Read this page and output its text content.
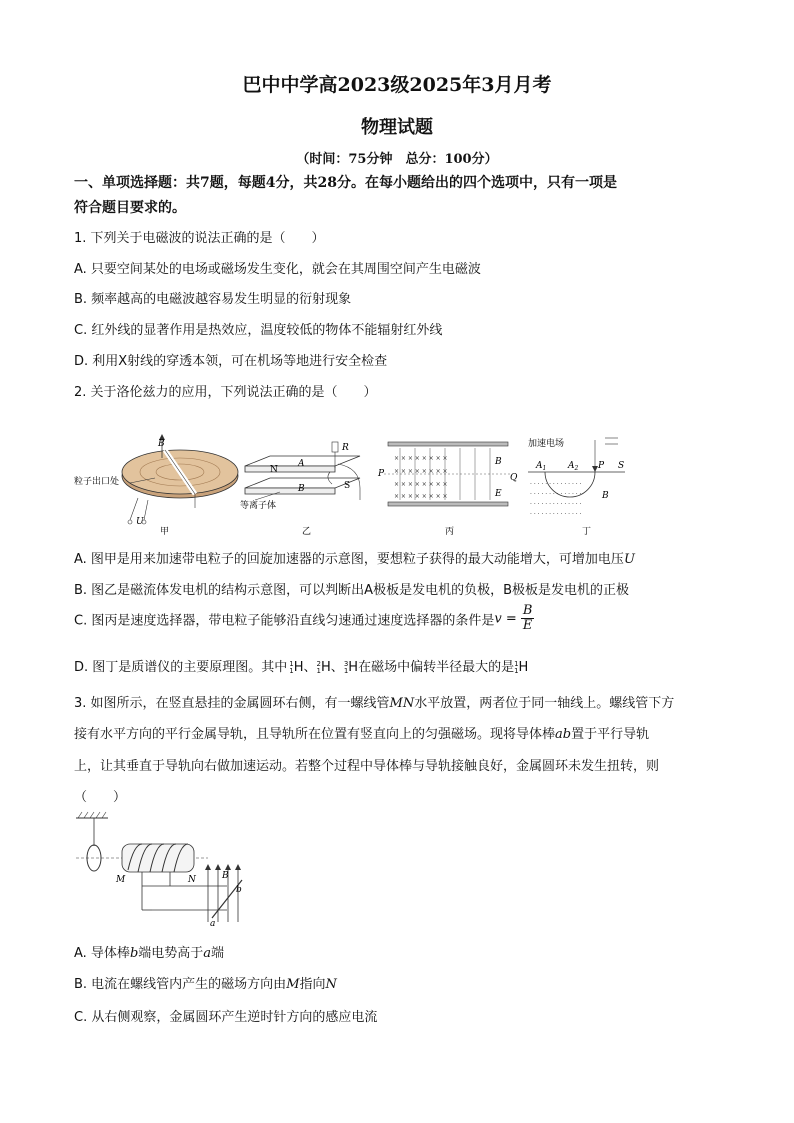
巴中中学高2023级2025年3月月考
物理试题
（时间：75分钟　总分：100分）
一、单项选择题：共7题，每题4分，共28分。在每小题给出的四个选项中，只有一项是
符合题目要求的。
1. 下列关于电磁波的说法正确的是（　　）
A. 只要空间某处的电场或磁场发生变化，就会在其周围空间产生电磁波
B. 频率越高的电磁波越容易发生明显的衍射现象
C. 红外线的显著作用是热效应，温度较低的物体不能辐射红外线
D. 利用X射线的穿透本领，可在机场等地进行安全检查
2. 关于洛伦兹力的应用，下列说法正确的是（　　）
B
粒子出口处
U
甲
N
A
B	S
R
等离子体
乙
× × × × × × × ×
× × × × × × × ×
× × × × × × × ×
× × × × × × × ×
P	Q
B
E
丙
· · · · · · · · · · · · · ·
· · · · · · · · · · · · · ·
· · · · · · · · · · · · · ·
· · · · · · · · · · · · · ·
加速电场
$A_1$ $A_2$ P S
B
丁
A. 图甲是用来加速带电粒子的回旋加速器的示意图，要想粒子获得的最大动能增大，可增加电压U
B. 图乙是磁流体发电机的结构示意图，可以判断出A极板是发电机的负极，B极板是发电机的正极
C. 图丙是速度选择器，带电粒子能够沿直线匀速通过速度选择器的条件是$v = \frac{B}{E}$
D. 图丁是质谱仪的主要原理图。其中 1
1H、2
1H、3
1H在磁场中偏转半径最大的是1
1H
3. 如图所示，在竖直悬挂的金属圆环右侧，有一螺线管MN水平放置，两者位于同一轴线上。螺线管下方
接有水平方向的平行金属导轨，且导轨所在位置有竖直向上的匀强磁场。现将导体棒ab置于平行导轨
上，让其垂直于导轨向右做加速运动。若整个过程中导体棒与导轨接触良好，金属圆环未发生扭转，则
（　　）
M	N	B
b
a
A. 导体棒b端电势高于a端
B. 电流在螺线管内产生的磁场方向由M指向N
C. 从右侧观察，金属圆环产生逆时针方向的感应电流
